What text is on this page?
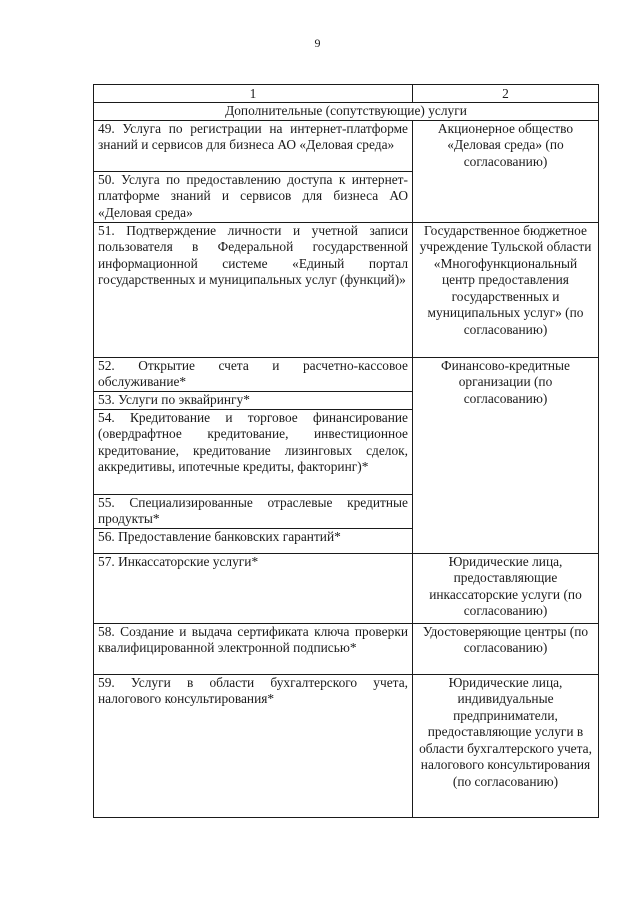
9
1	2
Дополнительные (сопутствующие) услуги	
49. Услуга по регистрации на интернет-платформе знаний и сервисов для бизнеса АО «Деловая среда»	Акционерное общество «Деловая среда» (по согласованию)
50. Услуга по предоставлению доступа к интернет-платформе знаний и сервисов для бизнеса АО «Деловая среда»	
51. Подтверждение личности и учетной записи пользователя в Федеральной государственной информационной системе «Единый портал государственных и муниципальных услуг (функций)»	Государственное бюджетное учреждение Тульской области «Многофункциональный центр предоставления государственных и муниципальных услуг» (по согласованию)
52. Открытие счета и расчетно-кассовое обслуживание*	Финансово-кредитные организации (по согласованию)
53. Услуги по эквайрингу*	
54. Кредитование и торговое финансирование (овердрафтное кредитование, инвестиционное кредитование, кредитование лизинговых сделок, аккредитивы, ипотечные кредиты, факторинг)*	
55. Специализированные отраслевые кредитные продукты*	
56. Предоставление банковских гарантий*	
57. Инкассаторские услуги*	Юридические лица, предоставляющие инкассаторские услуги (по согласованию)
58. Создание и выдача сертификата ключа проверки квалифицированной электронной подписью*	Удостоверяющие центры (по согласованию)
59. Услуги в области бухгалтерского учета, налогового консультирования*	Юридические лица, индивидуальные предприниматели, предоставляющие услуги в области бухгалтерского учета, налогового консультирования (по согласованию)
